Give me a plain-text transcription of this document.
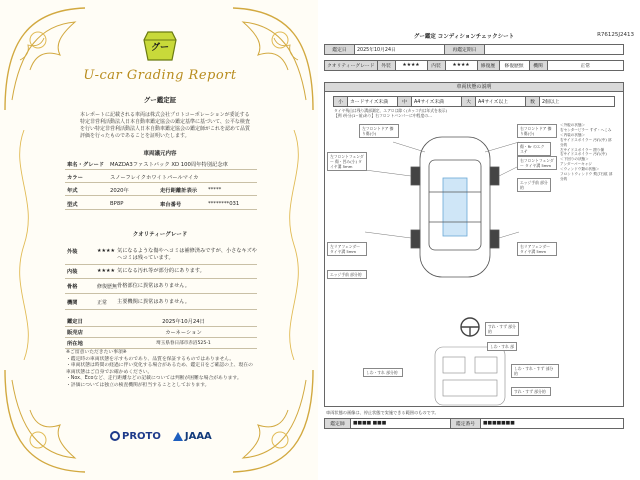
グー
U-car Grading Report
グー鑑定証
本レポートに記載される車両は株式会社プロトコーポレーションが委託する特定非営利活動法人日本自動車鑑定協会の鑑定基準に基づいて、公平な検査を行い特定非営利活動法人日本自動車鑑定協会の鑑定師がこれを認めて品質評価を行ったものであることを証明いたします。
車両議元内容
車名・グレード	MAZDA3ファストバック XD 100周年特別記念車
カラー	スノーフレイクホワイトパールマイカ
年式	2020年	走行距離計表示	*****
型式	BP8P	車台番号	********031
クオリティーグレード
外装	★★★★ 気になるような傷やヘコミは補修済みですが、小さなキズやヘコミは残っています。
内装	★★★★ 気になる汚れ等が部分的にあります。
骨格	修復歴無 骨格部位に異常はありません。
機関	正常	主要機関に異常はありません。
鑑定日	2025年10月24日
販売店	カーネーション
所在地	埼玉県春日部市赤沼525-1
※ご留意いただきたい事項※
・鑑定時の車両状態を示すものであり、品質を保証するものではありません。
・車両状態は時間の経過に伴い変化する場合があるため、鑑定日をご確認の上、現在の車両状態はご自身でお確かめください。
・Nox、Ecoなど、走行距離などの記載については判断が困難な場合があります。
・評価については独立の検査機関が担当することとしております。
PROTO JAAA
グー鑑定 コンディションチェックシート	R76125J2413
鑑定日	2025年10月24日	再鑑定期日	
クオリティーグレード	外装	★★★★	内装	★★★★	修復歴	修復歴無	機関	正常
左フロントドア 擦り傷(小)
右フロントドア 擦り傷(小)
傷・Rr のエクステ
左フロントフェンダー 傷・凹み(小) タイヤ溝 5mm
右フロントフェンダー タイヤ溝 5mm
エッジ手前 部分的
左リアフェンダー タイヤ溝 5mm
右リアフェンダー タイヤ溝 5mm
エッジ手前 部分的
すれ・すず 部分的
しわ・すれ 部
しわ・すれ・すず 部分的
しわ・すれ 部分的
すれ・すず 部分的
車両状態の説明
小	カードサイズ未満	中	A4サイズ未満	大	A4サイズ以上	数	2個以上
タイヤ残山は残り溝部測定、エアロは除く(カッコ内は年式を表示)
【例 Ⅰ外分(1~前)あり】右フロントバンパーに中程度の…
＜外板の状態＞
右センターピラー すず・へこみ
＜内装の状態＞
右サイドスポイラー 汚れ(中) 部分的
左サイドスポイラー 擦り傷
右サイドスポイラー 汚れ(中)
＜下回りの状態＞
アンダーパーキャジ
＜ウィンドウ類の状態＞
フロントウィンドウ 飛び石痕 部分的
車両状態の画像は、停止状態で実施できる範囲のものです。
鑑定師	■■■■ ■■■	鑑定番号	■■■■■■■
